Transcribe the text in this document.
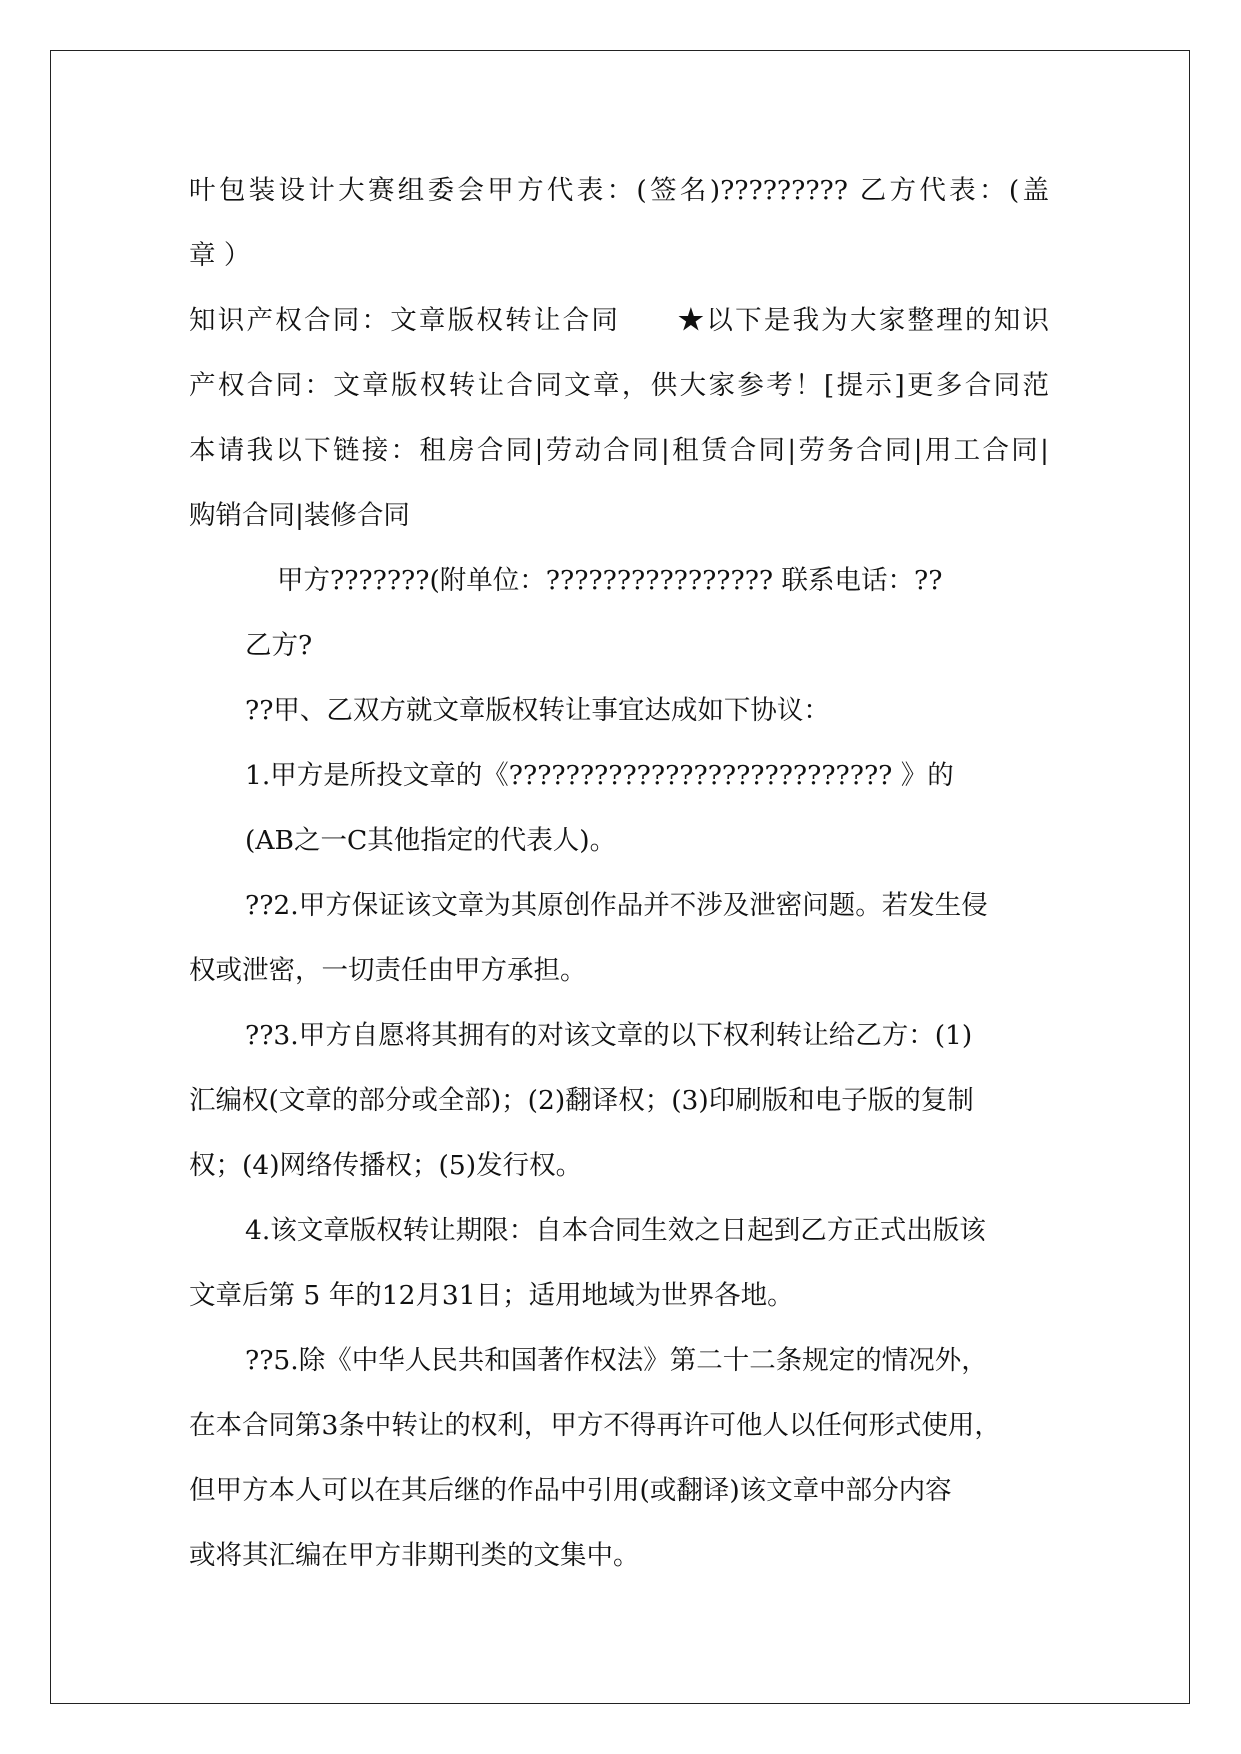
叶包装设计大赛组委会甲方代表：(签名)????????? 乙方代表：(盖
章 ）
知识产权合同：文章版权转让合同　　★以下是我为大家整理的知识
产权合同：文章版权转让合同文章，供大家参考！[提示]更多合同范
本请我以下链接：租房合同|劳动合同|租赁合同|劳务合同|用工合同|
购销合同|装修合同
甲方???????(附单位：???????????????? 联系电话：??
乙方?
??甲、乙双方就文章版权转让事宜达成如下协议：
1.甲方是所投文章的《??????????????????????????? 》的
(AB之一C其他指定的代表人)。
??2.甲方保证该文章为其原创作品并不涉及泄密问题。若发生侵
权或泄密，一切责任由甲方承担。
??3.甲方自愿将其拥有的对该文章的以下权利转让给乙方：(1)
汇编权(文章的部分或全部)；(2)翻译权；(3)印刷版和电子版的复制
权；(4)网络传播权；(5)发行权。
4.该文章版权转让期限：自本合同生效之日起到乙方正式出版该
文章后第 5 年的12月31日；适用地域为世界各地。
??5.除《中华人民共和国著作权法》第二十二条规定的情况外，
在本合同第3条中转让的权利，甲方不得再许可他人以任何形式使用，
但甲方本人可以在其后继的作品中引用(或翻译)该文章中部分内容
或将其汇编在甲方非期刊类的文集中。
